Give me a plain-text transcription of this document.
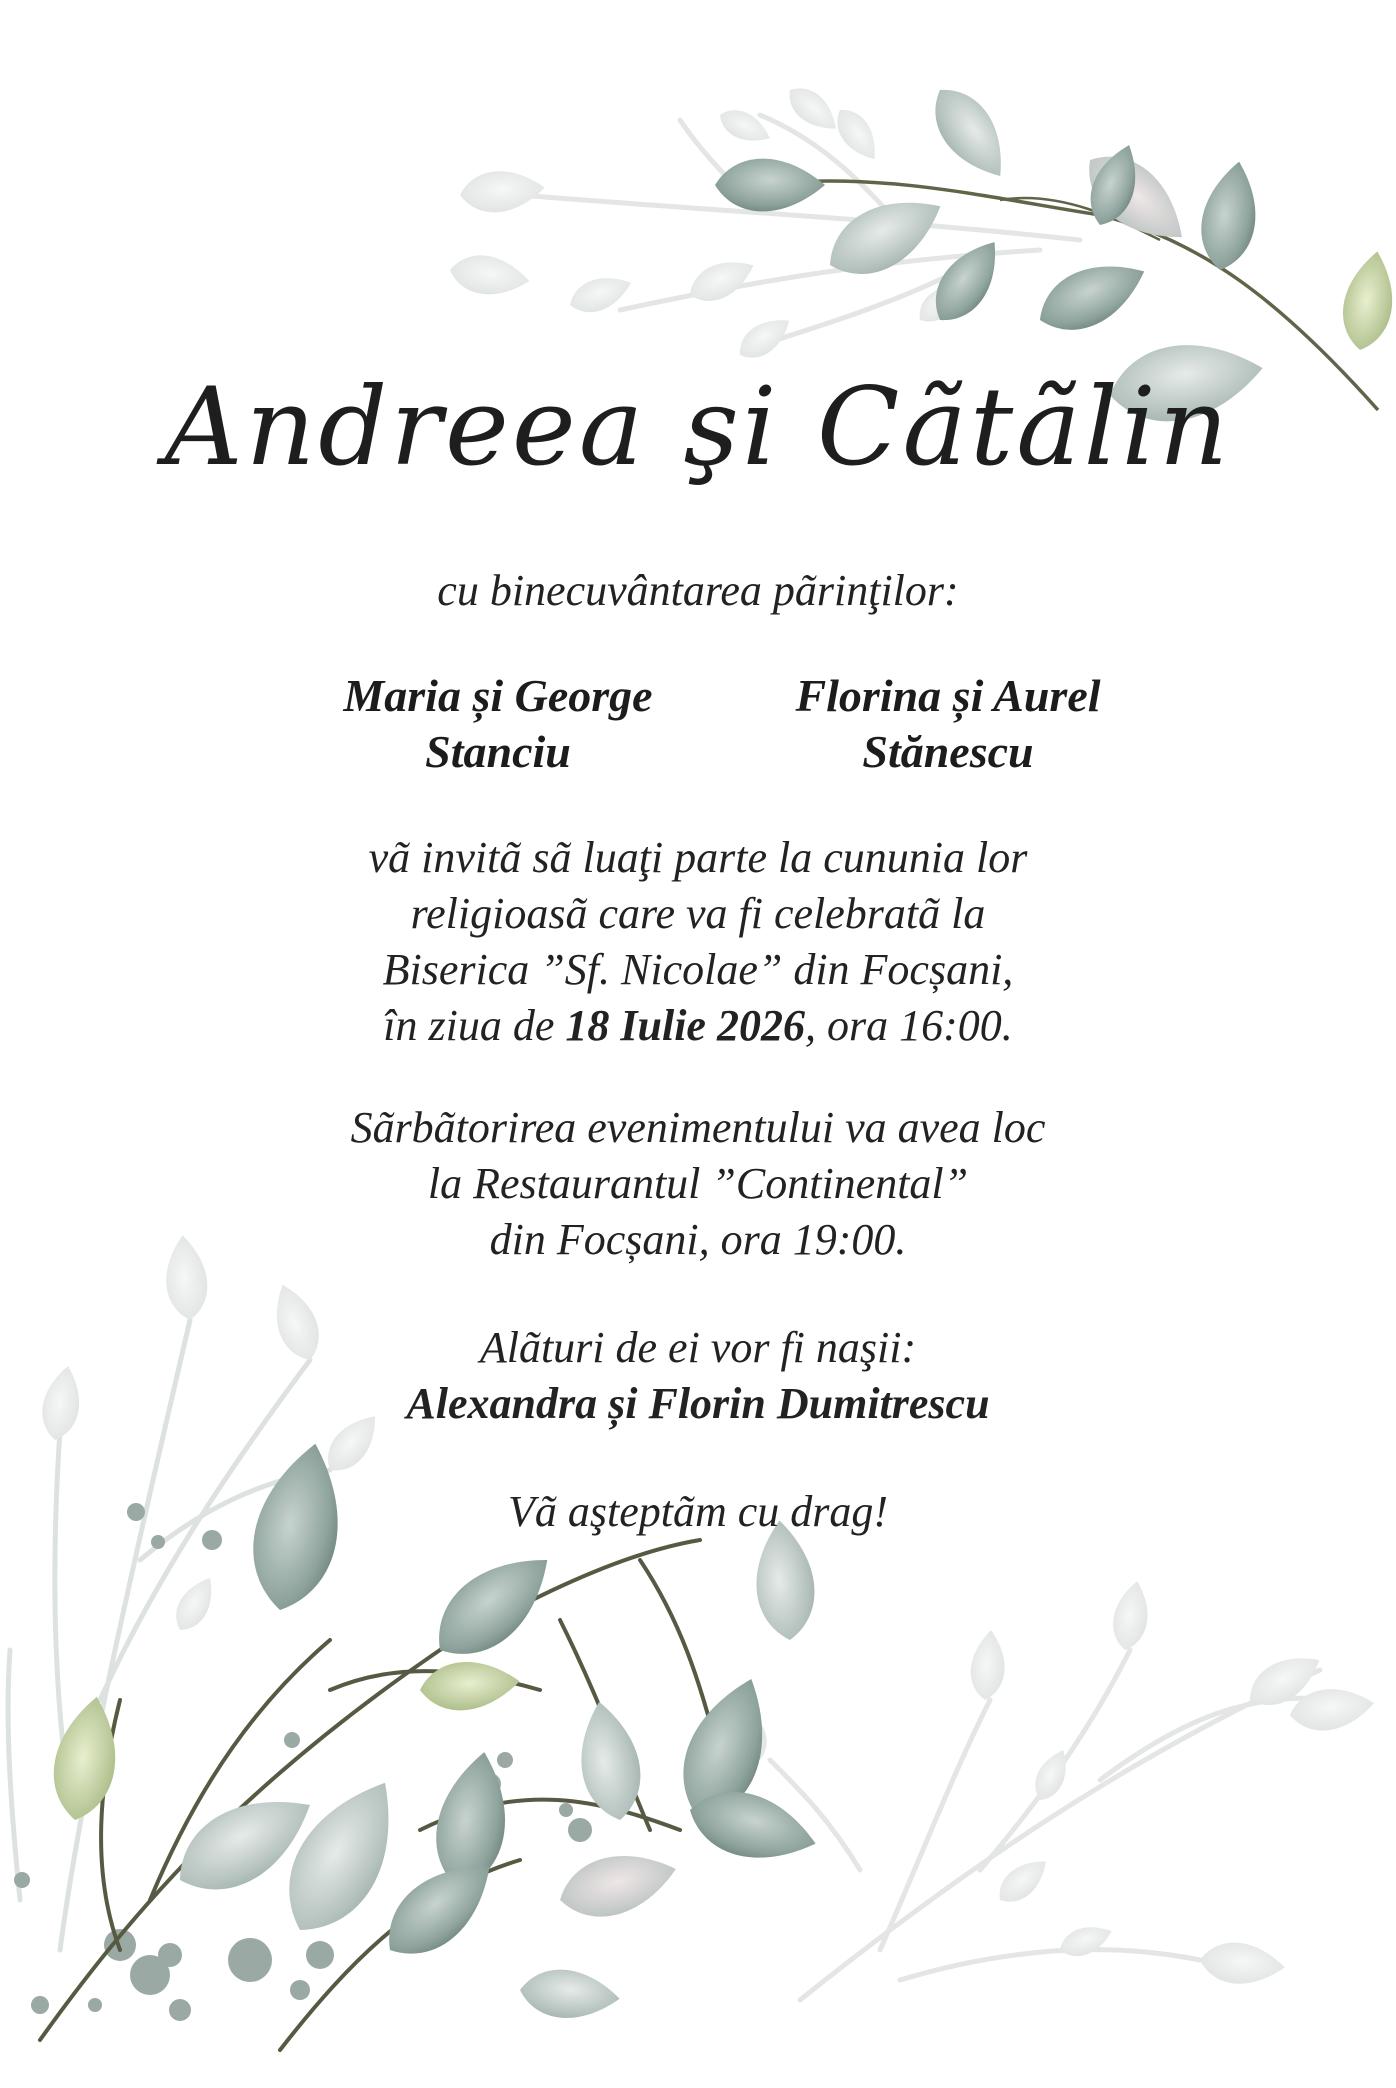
Andreea şi Cãtãlin
cu binecuvântarea pãrinţilor:
Maria și George
Stanciu
Florina și Aurel
Stănescu
vã invitã sã luaţi parte la cununia lor
religioasã care va fi celebratã la
Biserica ”Sf. Nicolae” din Focșani,
în ziua de 18 Iulie 2026, ora 16:00.
Sãrbãtorirea evenimentului va avea loc
la Restaurantul ”Continental”
din Focșani, ora 19:00.
Alãturi de ei vor fi naşii:
Alexandra și Florin Dumitrescu
Vã aşteptãm cu drag!
